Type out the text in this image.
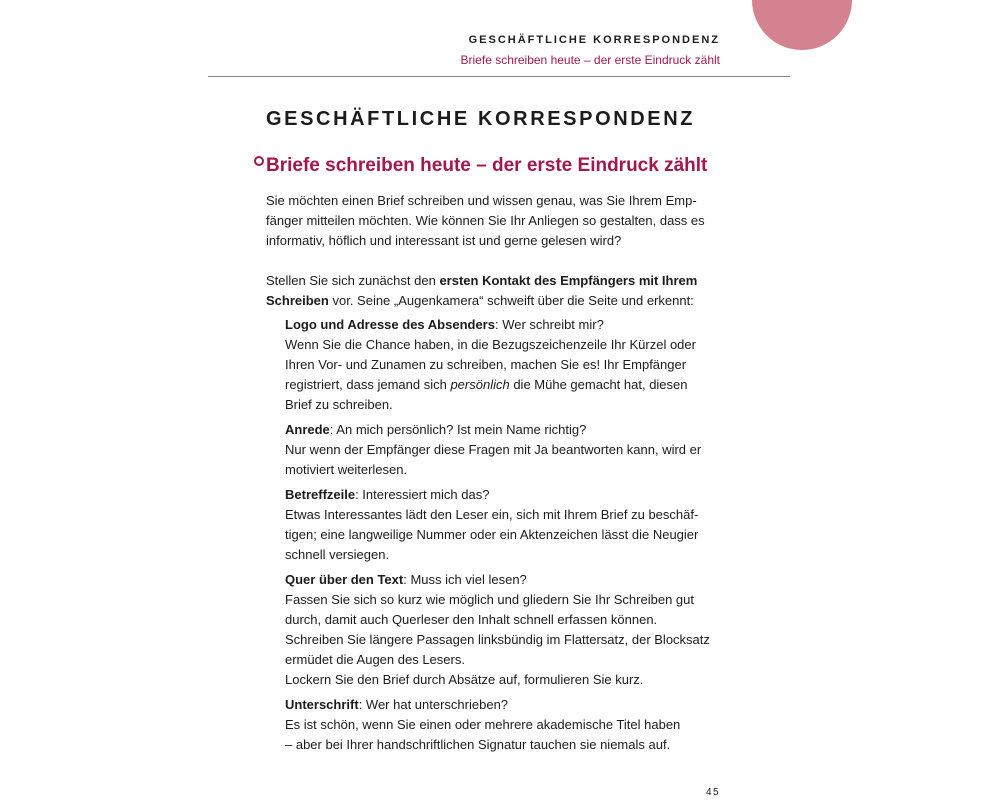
GESCHÄFTLICHE KORRESPONDENZ
Briefe schreiben heute – der erste Eindruck zählt
GESCHÄFTLICHE KORRESPONDENZ
Briefe schreiben heute – der erste Eindruck zählt

Sie möchten einen Brief schreiben und wissen genau, was Sie Ihrem Emp-

fänger mitteilen möchten. Wie können Sie Ihr Anliegen so gestalten, dass es

informativ, höflich und interessant ist und gerne gelesen wird?

Stellen Sie sich zunächst den ersten Kontakt des Empfängers mit Ihrem

Schreiben vor. Seine „Augenkamera“ schweift über die Seite und erkennt:

Logo und Adresse des Absenders: Wer schreibt mir?

Wenn Sie die Chance haben, in die Bezugszeichenzeile Ihr Kürzel oder

Ihren Vor- und Zunamen zu schreiben, machen Sie es! Ihr Empfänger

registriert, dass jemand sich persönlich die Mühe gemacht hat, diesen

Brief zu schreiben.

Anrede: An mich persönlich? Ist mein Name richtig?

Nur wenn der Empfänger diese Fragen mit Ja beantworten kann, wird er

motiviert weiterlesen.

Betreffzeile: Interessiert mich das?

Etwas Interessantes lädt den Leser ein, sich mit Ihrem Brief zu beschäf-

tigen; eine langweilige Nummer oder ein Aktenzeichen lässt die Neugier

schnell versiegen.

Quer über den Text: Muss ich viel lesen?

Fassen Sie sich so kurz wie möglich und gliedern Sie Ihr Schreiben gut

durch, damit auch Querleser den Inhalt schnell erfassen können.

Schreiben Sie längere Passagen linksbündig im Flattersatz, der Blocksatz

ermüdet die Augen des Lesers.

Lockern Sie den Brief durch Absätze auf, formulieren Sie kurz.

Unterschrift: Wer hat unterschrieben?

Es ist schön, wenn Sie einen oder mehrere akademische Titel haben

– aber bei Ihrer handschriftlichen Signatur tauchen sie niemals auf.

45
